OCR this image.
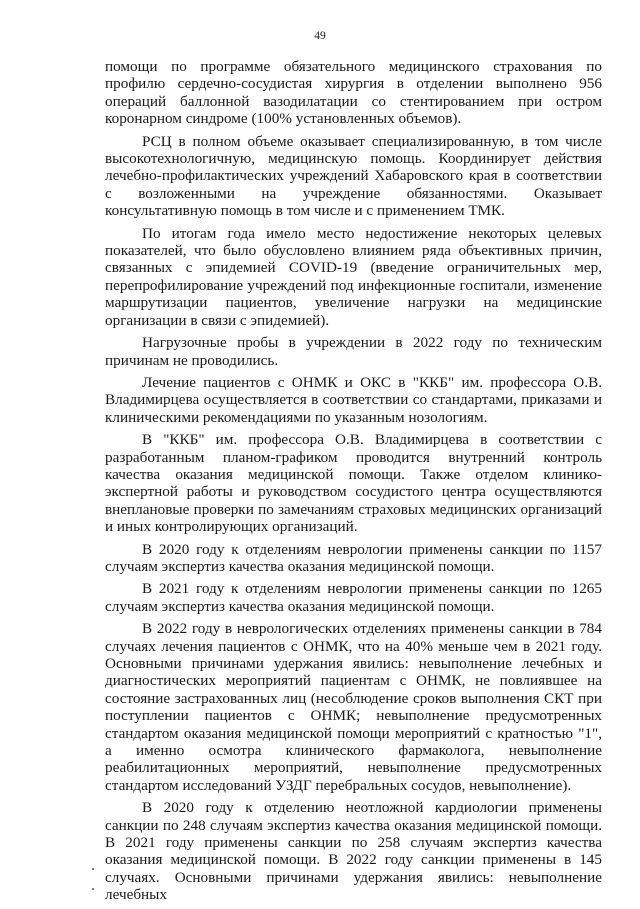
49

помощи по программе обязательного медицинского страхования по профилю сердечно-сосудистая хирургия в отделении выполнено 956 операций баллонной вазодилатации со стентированием при остром коронарном синдроме (100% установленных объемов).

РСЦ в полном объеме оказывает специализированную, в том числе высокотехнологичную, медицинскую помощь. Координирует действия лечебно-профилактических учреждений Хабаровского края в соответствии с возложенными на учреждение обязанностями. Оказывает консультативную помощь в том числе и с применением ТМК.

По итогам года имело место недостижение некоторых целевых показателей, что было обусловлено влиянием ряда объективных причин, связанных с эпидемией COVID-19 (введение ограничительных мер, перепрофилирование учреждений под инфекционные госпитали, изменение маршрутизации пациентов, увеличение нагрузки на медицинские организации в связи с эпидемией).

Нагрузочные пробы в учреждении в 2022 году по техническим причинам не проводились.

Лечение пациентов с ОНМК и ОКС в "ККБ" им. профессора О.В. Владимирцева осуществляется в соответствии со стандартами, приказами и клиническими рекомендациями по указанным нозологиям.

В "ККБ" им. профессора О.В. Владимирцева в соответствии с разработанным планом-графиком проводится внутренний контроль качества оказания медицинской помощи. Также отделом клинико-экспертной работы и руководством сосудистого центра осуществляются внеплановые проверки по замечаниям страховых медицинских организаций и иных контролирующих организаций.

В 2020 году к отделениям неврологии применены санкции по 1157 случаям экспертиз качества оказания медицинской помощи.

В 2021 году к отделениям неврологии применены санкции по 1265 случаям экспертиз качества оказания медицинской помощи.

В 2022 году в неврологических отделениях применены санкции в 784 случаях лечения пациентов с ОНМК, что на 40% меньше чем в 2021 году. Основными причинами удержания явились: невыполнение лечебных и диагностических мероприятий пациентам с ОНМК, не повлиявшее на состояние застрахованных лиц (несоблюдение сроков выполнения СКТ при поступлении пациентов с ОНМК; невыполнение предусмотренных стандартом оказания медицинской помощи мероприятий с кратностью "1", а именно осмотра клинического фармаколога, невыполнение реабилитационных мероприятий, невыполнение предусмотренных стандартом исследований УЗДГ перебральных сосудов, невыполнение).

В 2020 году к отделению неотложной кардиологии применены санкции по 248 случаям экспертиз качества оказания медицинской помощи. В 2021 году применены санкции по 258 случаям экспертиз качества оказания медицинской помощи. В 2022 году санкции применены в 145 случаях. Основными причинами удержания явились: невыполнение лечебных
